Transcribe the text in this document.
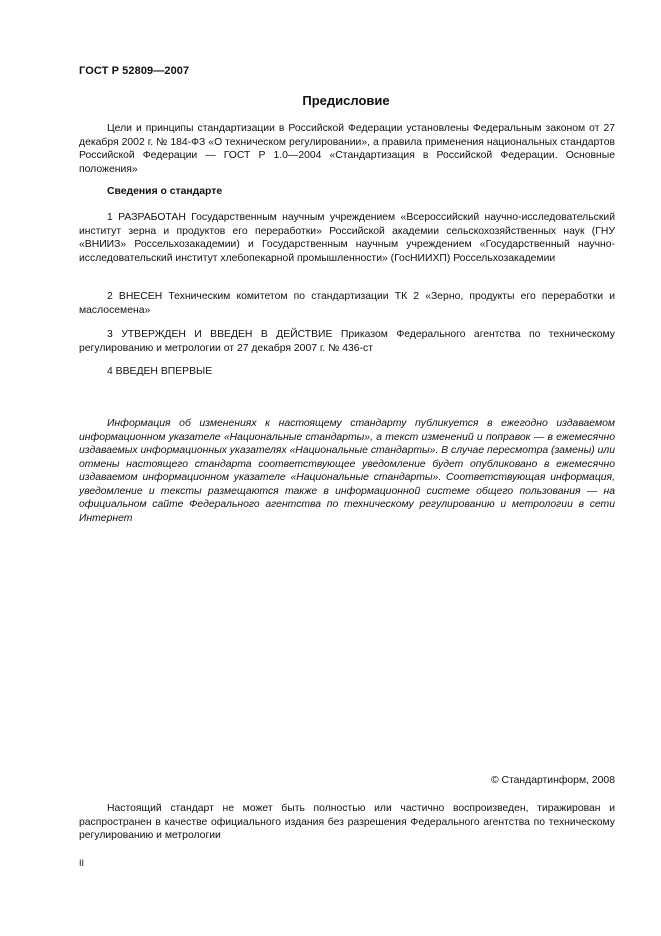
ГОСТ Р 52809—2007
Предисловие

Цели и принципы стандартизации в Российской Федерации установлены Федеральным законом от 27 декабря 2002 г. № 184-ФЗ «О техническом регулировании», а правила применения национальных стандартов Российской Федерации — ГОСТ Р 1.0—2004 «Стандартизация в Российской Федерации. Основные положения»

Сведения о стандарте

1 РАЗРАБОТАН Государственным научным учреждением «Всероссийский научно-исследовательский институт зерна и продуктов его переработки» Российской академии сельскохозяйственных наук (ГНУ «ВНИИЗ» Россельхозакадемии) и Государственным научным учреждением «Государственный научно-исследовательский институт хлебопекарной промышленности» (ГосНИИХП) Россельхозакадемии

2 ВНЕСЕН Техническим комитетом по стандартизации ТК 2 «Зерно, продукты его переработки и маслосемена»

3 УТВЕРЖДЕН И ВВЕДЕН В ДЕЙСТВИЕ Приказом Федерального агентства по техническому регулированию и метрологии от 27 декабря 2007 г. № 436-ст

4 ВВЕДЕН ВПЕРВЫЕ

Информация об изменениях к настоящему стандарту публикуется в ежегодно издаваемом информационном указателе «Национальные стандарты», а текст изменений и поправок — в ежемесячно издаваемых информационных указателях «Национальные стандарты». В случае пересмотра (замены) или отмены настоящего стандарта соответствующее уведомление будет опубликовано в ежемесячно издаваемом информационном указателе «Национальные стандарты». Соответствующая информация, уведомление и тексты размещаются также в информационной системе общего пользования — на официальном сайте Федерального агентства по техническому регулированию и метрологии в сети Интернет

© Стандартинформ, 2008

Настоящий стандарт не может быть полностью или частично воспроизведен, тиражирован и распространен в качестве официального издания без разрешения Федерального агентства по техническому регулированию и метрологии

II
